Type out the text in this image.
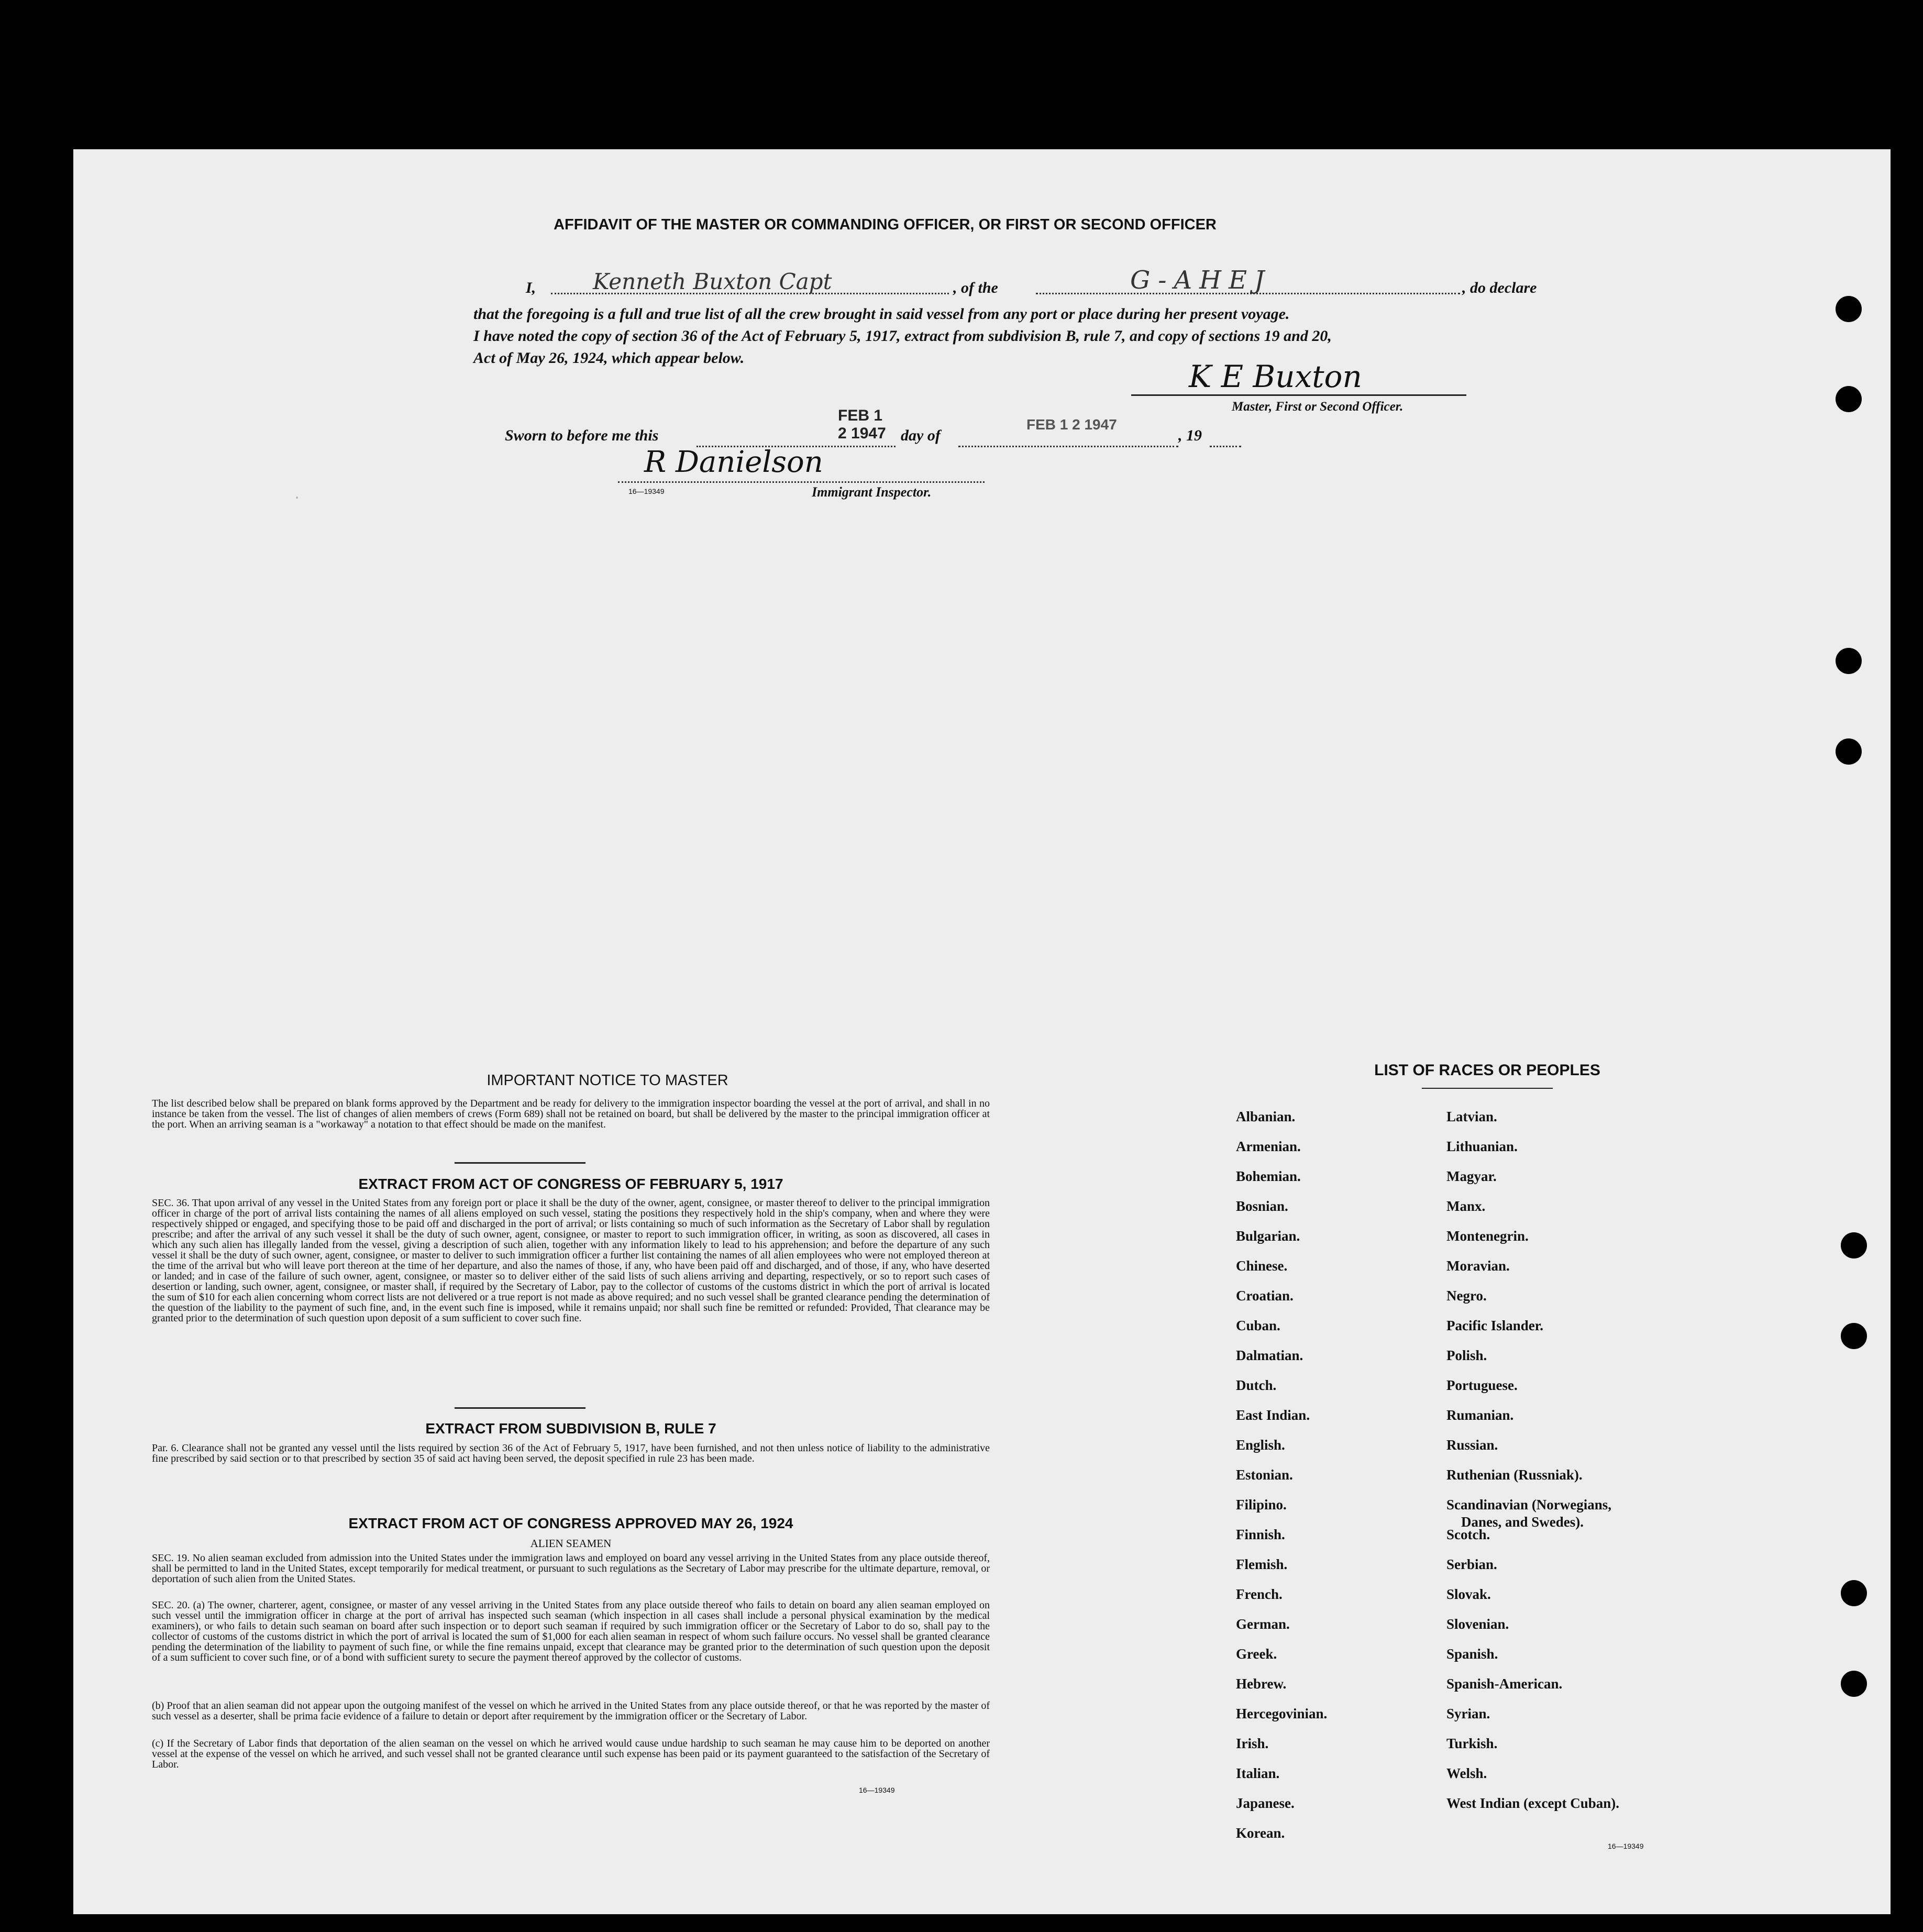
.
AFFIDAVIT OF THE MASTER OR COMMANDING OFFICER, OR FIRST OR SECOND OFFICER
I,	Kenneth Buxton Capt	, of the	G-AHEJ	, do declare
that the foregoing is a full and true list of all the crew brought in said vessel from any port or place during her present voyage.
I have noted the copy of section 36 of the Act of February 5, 1917, extract from subdivision B, rule 7, and copy of sections 19 and 20,
Act of May 26, 1924, which appear below.
K E Buxton
Master, First or Second Officer.
Sworn to before me this
FEB 1 2 1947 day of
FEB 1 2 1947
, 19
R Danielson
16—19349	Immigrant Inspector.
IMPORTANT NOTICE TO MASTER
The list described below shall be prepared on blank forms approved by the Department and be ready for delivery to the immigration inspector boarding the vessel at the port of arrival, and shall in no instance be taken from the vessel. The list of changes of alien members of crews (Form 689) shall not be retained on board, but shall be delivered by the master to the principal immigration officer at the port. When an arriving seaman is a "workaway" a notation to that effect should be made on the manifest.
EXTRACT FROM ACT OF CONGRESS OF FEBRUARY 5, 1917
SEC. 36. That upon arrival of any vessel in the United States from any foreign port or place it shall be the duty of the owner, agent, consignee, or master thereof to deliver to the principal immigration officer in charge of the port of arrival lists containing the names of all aliens employed on such vessel, stating the positions they respectively hold in the ship's company, when and where they were respectively shipped or engaged, and specifying those to be paid off and discharged in the port of arrival; or lists containing so much of such information as the Secretary of Labor shall by regulation prescribe; and after the arrival of any such vessel it shall be the duty of such owner, agent, consignee, or master to report to such immigration officer, in writing, as soon as discovered, all cases in which any such alien has illegally landed from the vessel, giving a description of such alien, together with any information likely to lead to his apprehension; and before the departure of any such vessel it shall be the duty of such owner, agent, consignee, or master to deliver to such immigration officer a further list containing the names of all alien employees who were not employed thereon at the time of the arrival but who will leave port thereon at the time of her departure, and also the names of those, if any, who have been paid off and discharged, and of those, if any, who have deserted or landed; and in case of the failure of such owner, agent, consignee, or master so to deliver either of the said lists of such aliens arriving and departing, respectively, or so to report such cases of desertion or landing, such owner, agent, consignee, or master shall, if required by the Secretary of Labor, pay to the collector of customs of the customs district in which the port of arrival is located the sum of $10 for each alien concerning whom correct lists are not delivered or a true report is not made as above required; and no such vessel shall be granted clearance pending the determination of the question of the liability to the payment of such fine, and, in the event such fine is imposed, while it remains unpaid; nor shall such fine be remitted or refunded: Provided, That clearance may be granted prior to the determination of such question upon deposit of a sum sufficient to cover such fine.
EXTRACT FROM SUBDIVISION B, RULE 7
Par. 6. Clearance shall not be granted any vessel until the lists required by section 36 of the Act of February 5, 1917, have been furnished, and not then unless notice of liability to the administrative fine prescribed by said section or to that prescribed by section 35 of said act having been served, the deposit specified in rule 23 has been made.
EXTRACT FROM ACT OF CONGRESS APPROVED MAY 26, 1924
ALIEN SEAMEN
SEC. 19. No alien seaman excluded from admission into the United States under the immigration laws and employed on board any vessel arriving in the United States from any place outside thereof, shall be permitted to land in the United States, except temporarily for medical treatment, or pursuant to such regulations as the Secretary of Labor may prescribe for the ultimate departure, removal, or deportation of such alien from the United States.
SEC. 20. (a) The owner, charterer, agent, consignee, or master of any vessel arriving in the United States from any place outside thereof who fails to detain on board any alien seaman employed on such vessel until the immigration officer in charge at the port of arrival has inspected such seaman (which inspection in all cases shall include a personal physical examination by the medical examiners), or who fails to detain such seaman on board after such inspection or to deport such seaman if required by such immigration officer or the Secretary of Labor to do so, shall pay to the collector of customs of the customs district in which the port of arrival is located the sum of $1,000 for each alien seaman in respect of whom such failure occurs. No vessel shall be granted clearance pending the determination of the liability to payment of such fine, or while the fine remains unpaid, except that clearance may be granted prior to the determination of such question upon the deposit of a sum sufficient to cover such fine, or of a bond with sufficient surety to secure the payment thereof approved by the collector of customs.
(b) Proof that an alien seaman did not appear upon the outgoing manifest of the vessel on which he arrived in the United States from any place outside thereof, or that he was reported by the master of such vessel as a deserter, shall be prima facie evidence of a failure to detain or deport after requirement by the immigration officer or the Secretary of Labor.
(c) If the Secretary of Labor finds that deportation of the alien seaman on the vessel on which he arrived would cause undue hardship to such seaman he may cause him to be deported on another vessel at the expense of the vessel on which he arrived, and such vessel shall not be granted clearance until such expense has been paid or its payment guaranteed to the satisfaction of the Secretary of Labor.
16—19349
LIST OF RACES OR PEOPLES
16—19349
Albanian.
Armenian.
Bohemian.
Bosnian.
Bulgarian.
Chinese.
Croatian.
Cuban.
Dalmatian.
Dutch.
East Indian.
English.
Estonian.
Filipino.
Finnish.
Flemish.
French.
German.
Greek.
Hebrew.
Hercegovinian.
Irish.
Italian.
Japanese.
Korean.
Latvian.
Lithuanian.
Magyar.
Manx.
Montenegrin.
Moravian.
Negro.
Pacific Islander.
Polish.
Portuguese.
Rumanian.
Russian.
Ruthenian (Russniak).
Scandinavian (Norwegians,
Danes, and Swedes).
Scotch.
Serbian.
Slovak.
Slovenian.
Spanish.
Spanish-American.
Syrian.
Turkish.
Welsh.
West Indian (except Cuban).
